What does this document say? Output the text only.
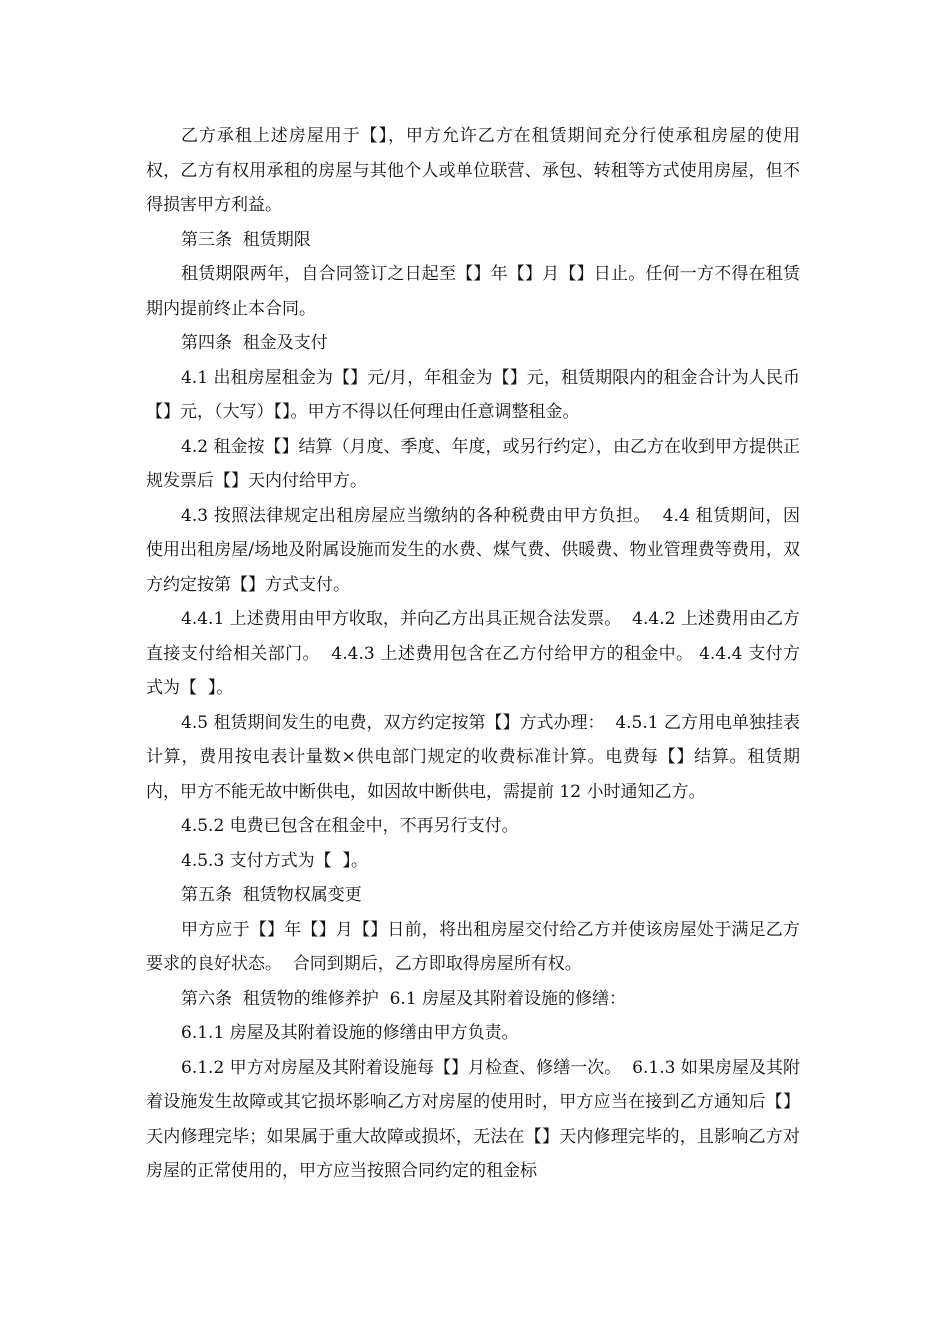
乙方承租上述房屋用于【】，甲方允许乙方在租赁期间充分行使承租房屋的使用权，乙方有权用承租的房屋与其他个人或单位联营、承包、转租等方式使用房屋，但不得损害甲方利益。

第三条  租赁期限

租赁期限两年，自合同签订之日起至【】年【】月【】日止。任何一方不得在租赁期内提前终止本合同。

第四条  租金及支付

4.1 出租房屋租金为【】元/月，年租金为【】元，租赁期限内的租金合计为人民币【】元，（大写）【】。甲方不得以任何理由任意调整租金。

4.2 租金按【】结算（月度、季度、年度，或另行约定），由乙方在收到甲方提供正规发票后【】天内付给甲方。

4.3 按照法律规定出租房屋应当缴纳的各种税费由甲方负担。  4.4 租赁期间，因使用出租房屋/场地及附属设施而发生的水费、煤气费、供暖费、物业管理费等费用，双方约定按第【】方式支付。

4.4.1 上述费用由甲方收取，并向乙方出具正规合法发票。  4.4.2 上述费用由乙方直接支付给相关部门。  4.4.3 上述费用包含在乙方付给甲方的租金中。 4.4.4 支付方式为【  】。

4.5 租赁期间发生的电费，双方约定按第【】方式办理：  4.5.1 乙方用电单独挂表计算，费用按电表计量数×供电部门规定的收费标准计算。电费每【】结算。租赁期内，甲方不能无故中断供电，如因故中断供电，需提前 12 小时通知乙方。

4.5.2 电费已包含在租金中，不再另行支付。

4.5.3 支付方式为【  】。

第五条  租赁物权属变更

甲方应于【】年【】月【】日前，将出租房屋交付给乙方并使该房屋处于满足乙方要求的良好状态。  合同到期后，乙方即取得房屋所有权。

第六条  租赁物的维修养护  6.1 房屋及其附着设施的修缮：

6.1.1 房屋及其附着设施的修缮由甲方负责。

6.1.2 甲方对房屋及其附着设施每【】月检查、修缮一次。  6.1.3 如果房屋及其附着设施发生故障或其它损坏影响乙方对房屋的使用时，甲方应当在接到乙方通知后【】天内修理完毕；如果属于重大故障或损坏，无法在【】天内修理完毕的，且影响乙方对房屋的正常使用的，甲方应当按照合同约定的租金标
